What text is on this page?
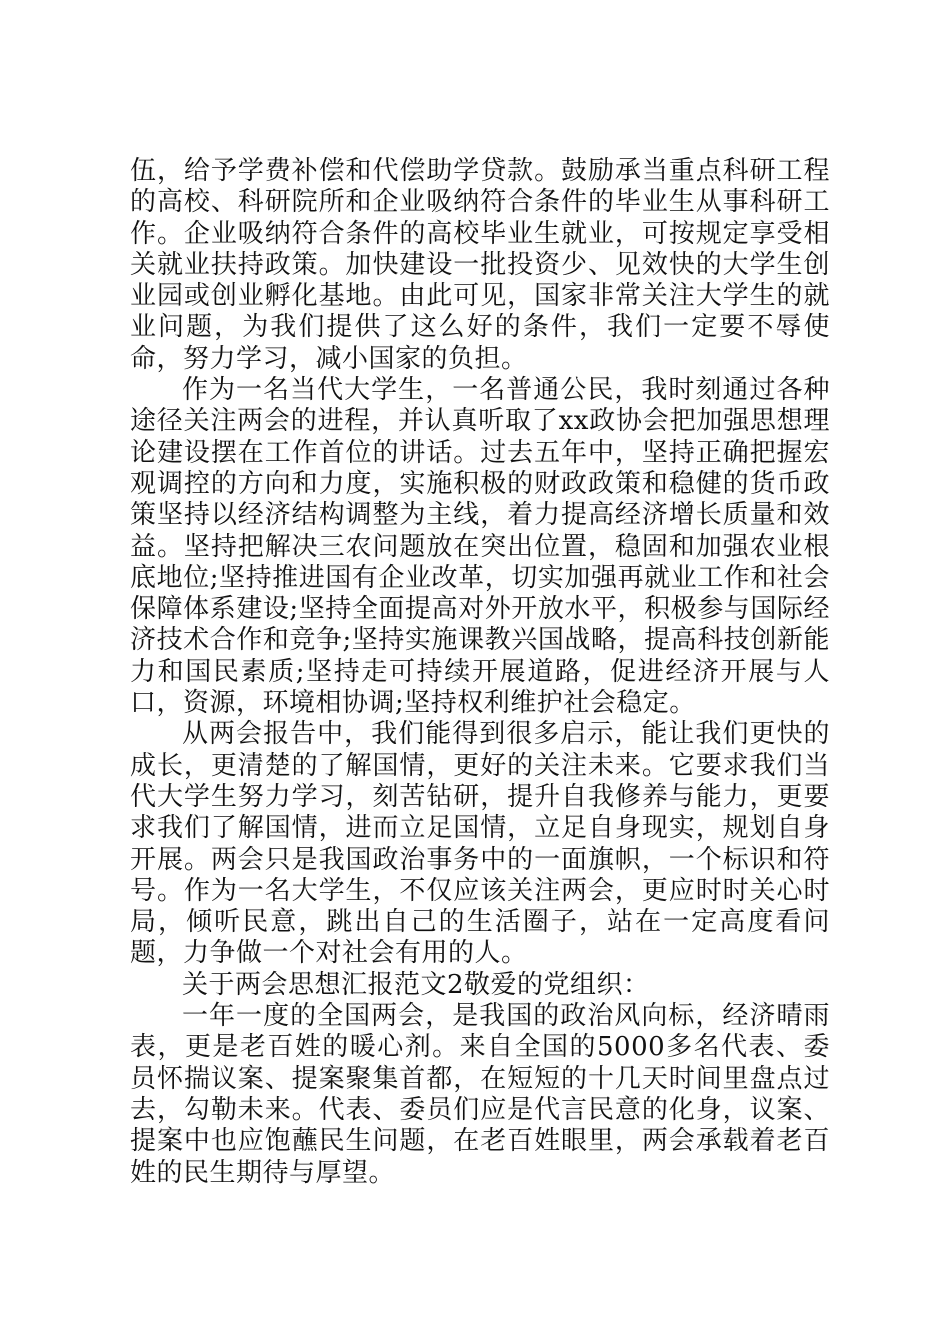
伍，给予学费补偿和代偿助学贷款。鼓励承当重点科研工程的高校、科研院所和企业吸纳符合条件的毕业生从事科研工作。企业吸纳符合条件的高校毕业生就业，可按规定享受相关就业扶持政策。加快建设一批投资少、见效快的大学生创业园或创业孵化基地。由此可见，国家非常关注大学生的就业问题，为我们提供了这么好的条件，我们一定要不辱使命，努力学习，减小国家的负担。

作为一名当代大学生，一名普通公民，我时刻通过各种途径关注两会的进程，并认真听取了xx政协会把加强思想理论建设摆在工作首位的讲话。过去五年中，坚持正确把握宏观调控的方向和力度，实施积极的财政政策和稳健的货币政策坚持以经济结构调整为主线，着力提高经济增长质量和效益。坚持把解决三农问题放在突出位置，稳固和加强农业根底地位;坚持推进国有企业改革，切实加强再就业工作和社会保障体系建设;坚持全面提高对外开放水平，积极参与国际经济技术合作和竞争;坚持实施课教兴国战略，提高科技创新能力和国民素质;坚持走可持续开展道路，促进经济开展与人口，资源，环境相协调;坚持权利维护社会稳定。

从两会报告中，我们能得到很多启示，能让我们更快的成长，更清楚的了解国情，更好的关注未来。它要求我们当代大学生努力学习，刻苦钻研，提升自我修养与能力，更要求我们了解国情，进而立足国情，立足自身现实，规划自身开展。两会只是我国政治事务中的一面旗帜，一个标识和符号。作为一名大学生，不仅应该关注两会，更应时时关心时局，倾听民意，跳出自己的生活圈子，站在一定高度看问题，力争做一个对社会有用的人。

关于两会思想汇报范文2敬爱的党组织：

一年一度的全国两会，是我国的政治风向标，经济晴雨表，更是老百姓的暖心剂。来自全国的5000多名代表、委员怀揣议案、提案聚集首都，在短短的十几天时间里盘点过去，勾勒未来。代表、委员们应是代言民意的化身，议案、提案中也应饱蘸民生问题，在老百姓眼里，两会承载着老百姓的民生期待与厚望。
